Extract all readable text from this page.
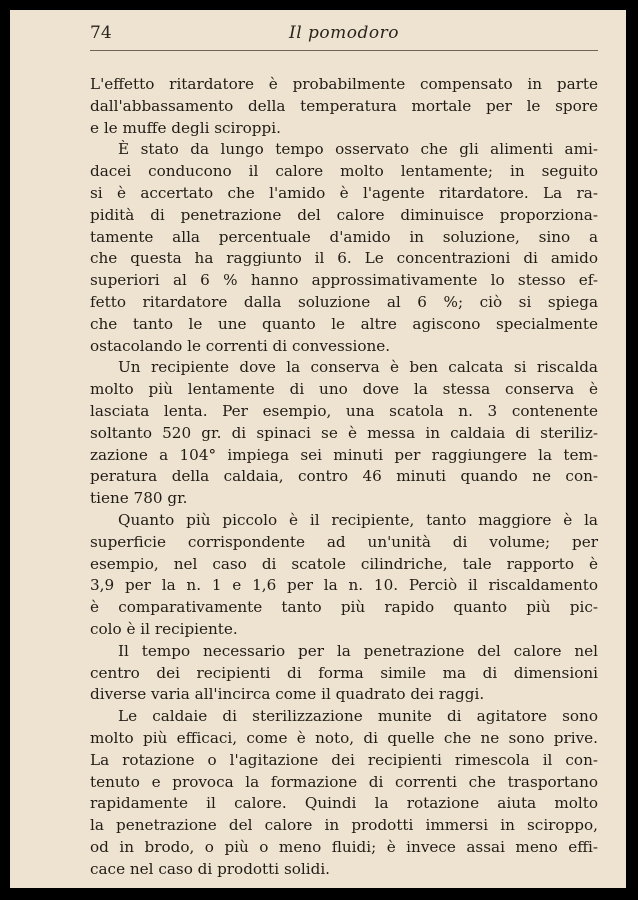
74	Il pomodoro
L'effetto ritardatore è probabilmente compensato in parte
dall'abbassamento della temperatura mortale per le spore
e le muffe degli sciroppi.
È stato da lungo tempo osservato che gli alimenti ami-
dacei conducono il calore molto lentamente; in seguito
si è accertato che l'amido è l'agente ritardatore. La ra-
pidità di penetrazione del calore diminuisce proporziona-
tamente alla percentuale d'amido in soluzione, sino a
che questa ha raggiunto il 6. Le concentrazioni di amido
superiori al 6 % hanno approssimativamente lo stesso ef-
fetto ritardatore dalla soluzione al 6 %; ciò si spiega
che tanto le une quanto le altre agiscono specialmente
ostacolando le correnti di convessione.
Un recipiente dove la conserva è ben calcata si riscalda
molto più lentamente di uno dove la stessa conserva è
lasciata lenta. Per esempio, una scatola n. 3 contenente
soltanto 520 gr. di spinaci se è messa in caldaia di steriliz-
zazione a 104° impiega sei minuti per raggiungere la tem-
peratura della caldaia, contro 46 minuti quando ne con-
tiene 780 gr.
Quanto più piccolo è il recipiente, tanto maggiore è la
superficie corrispondente ad un'unità di volume; per
esempio, nel caso di scatole cilindriche, tale rapporto è
3,9 per la n. 1 e 1,6 per la n. 10. Perciò il riscaldamento
è comparativamente tanto più rapido quanto più pic-
colo è il recipiente.
Il tempo necessario per la penetrazione del calore nel
centro dei recipienti di forma simile ma di dimensioni
diverse varia all'incirca come il quadrato dei raggi.
Le caldaie di sterilizzazione munite di agitatore sono
molto più efficaci, come è noto, di quelle che ne sono prive.
La rotazione o l'agitazione dei recipienti rimescola il con-
tenuto e provoca la formazione di correnti che trasportano
rapidamente il calore. Quindi la rotazione aiuta molto
la penetrazione del calore in prodotti immersi in sciroppo,
od in brodo, o più o meno fluidi; è invece assai meno effi-
cace nel caso di prodotti solidi.
